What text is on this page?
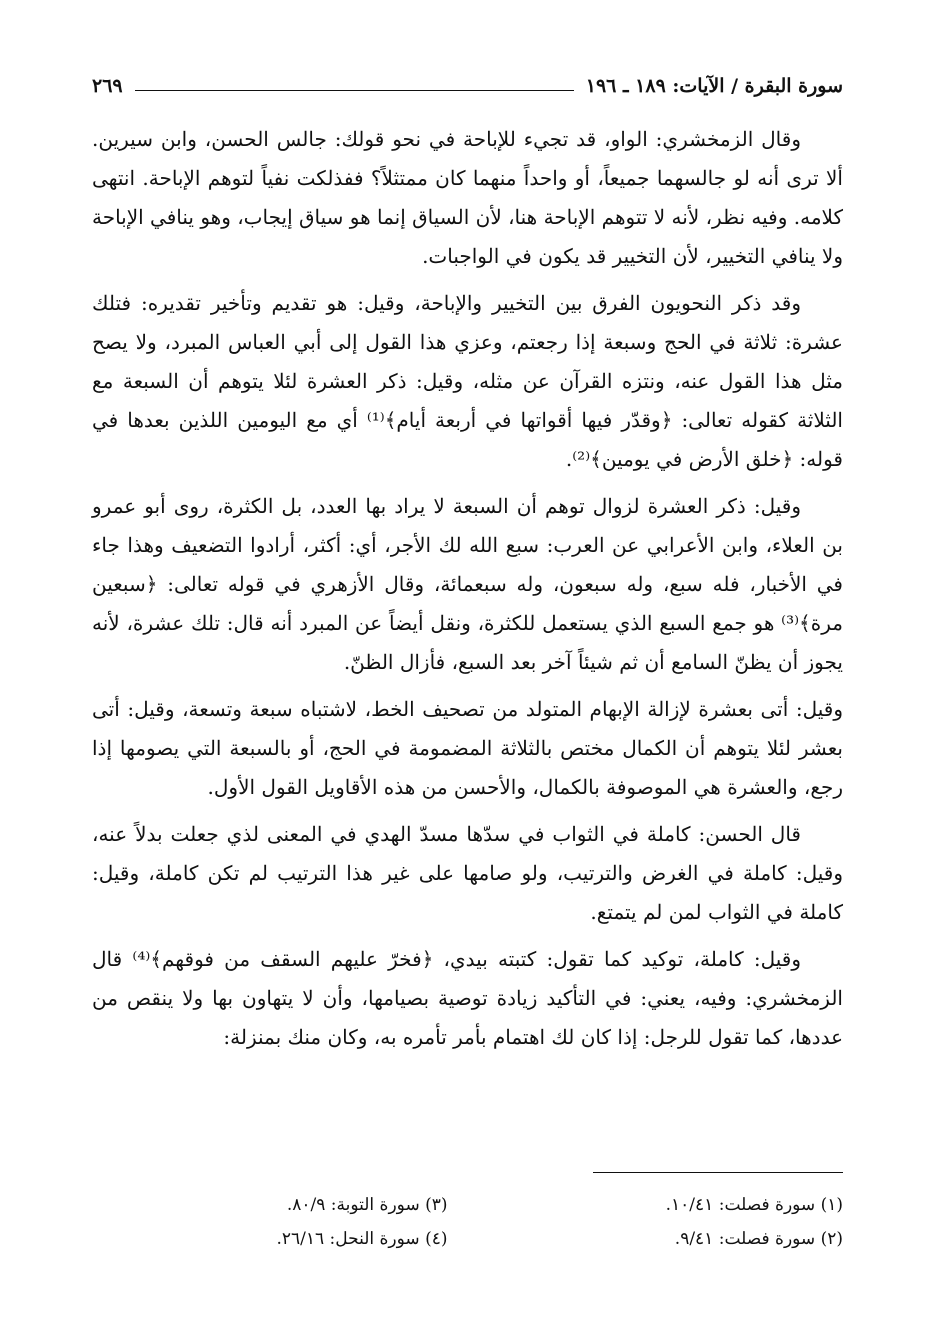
سورة البقرة / الآيات: ١٨٩ ـ ١٩٦
٢٦٩

وقال الزمخشري: الواو، قد تجيء للإباحة في نحو قولك: جالس الحسن، وابن سيرين. ألا ترى أنه لو جالسهما جميعاً، أو واحداً منهما كان ممتثلاً؟ ففذلكت نفياً لتوهم الإباحة. انتهى كلامه. وفيه نظر، لأنه لا تتوهم الإباحة هنا، لأن السياق إنما هو سياق إيجاب، وهو ينافي الإباحة ولا ينافي التخيير، لأن التخيير قد يكون في الواجبات.

وقد ذكر النحويون الفرق بين التخيير والإباحة، وقيل: هو تقديم وتأخير تقديره: فتلك عشرة: ثلاثة في الحج وسبعة إذا رجعتم، وعزي هذا القول إلى أبي العباس المبرد، ولا يصح مثل هذا القول عنه، ونتزه القرآن عن مثله، وقيل: ذكر العشرة لئلا يتوهم أن السبعة مع الثلاثة كقوله تعالى: ﴿وقدّر فيها أقواتها في أربعة أيام﴾⁽¹⁾ أي مع اليومين اللذين بعدها في قوله: ﴿خلق الأرض في يومين﴾⁽²⁾.

وقيل: ذكر العشرة لزوال توهم أن السبعة لا يراد بها العدد، بل الكثرة، روى أبو عمرو بن العلاء، وابن الأعرابي عن العرب: سبع الله لك الأجر، أي: أكثر، أرادوا التضعيف وهذا جاء في الأخبار، فله سبع، وله سبعون، وله سبعمائة، وقال الأزهري في قوله تعالى: ﴿سبعين مرة﴾⁽³⁾ هو جمع السبع الذي يستعمل للكثرة، ونقل أيضاً عن المبرد أنه قال: تلك عشرة، لأنه يجوز أن يظنّ السامع أن ثم شيئاً آخر بعد السبع، فأزال الظنّ.

وقيل: أتى بعشرة لإزالة الإبهام المتولد من تصحيف الخط، لاشتباه سبعة وتسعة، وقيل: أتى بعشر لئلا يتوهم أن الكمال مختص بالثلاثة المضمومة في الحج، أو بالسبعة التي يصومها إذا رجع، والعشرة هي الموصوفة بالكمال، والأحسن من هذه الأقاويل القول الأول.

قال الحسن: كاملة في الثواب في سدّها مسدّ الهدي في المعنى لذي جعلت بدلاً عنه، وقيل: كاملة في الغرض والترتيب، ولو صامها على غير هذا الترتيب لم تكن كاملة، وقيل: كاملة في الثواب لمن لم يتمتع.

وقيل: كاملة، توكيد كما تقول: كتبته بيدي، ﴿فخرّ عليهم السقف من فوقهم﴾⁽⁴⁾ قال الزمخشري: وفيه، يعني: في التأكيد زيادة توصية بصيامها، وأن لا يتهاون بها ولا ينقص من عددها، كما تقول للرجل: إذا كان لك اهتمام بأمر تأمره به، وكان منك بمنزلة:

(١) سورة فصلت: ١٠/٤١.
(٣) سورة التوبة: ٨٠/٩.
(٢) سورة فصلت: ٩/٤١.
(٤) سورة النحل: ٢٦/١٦.
